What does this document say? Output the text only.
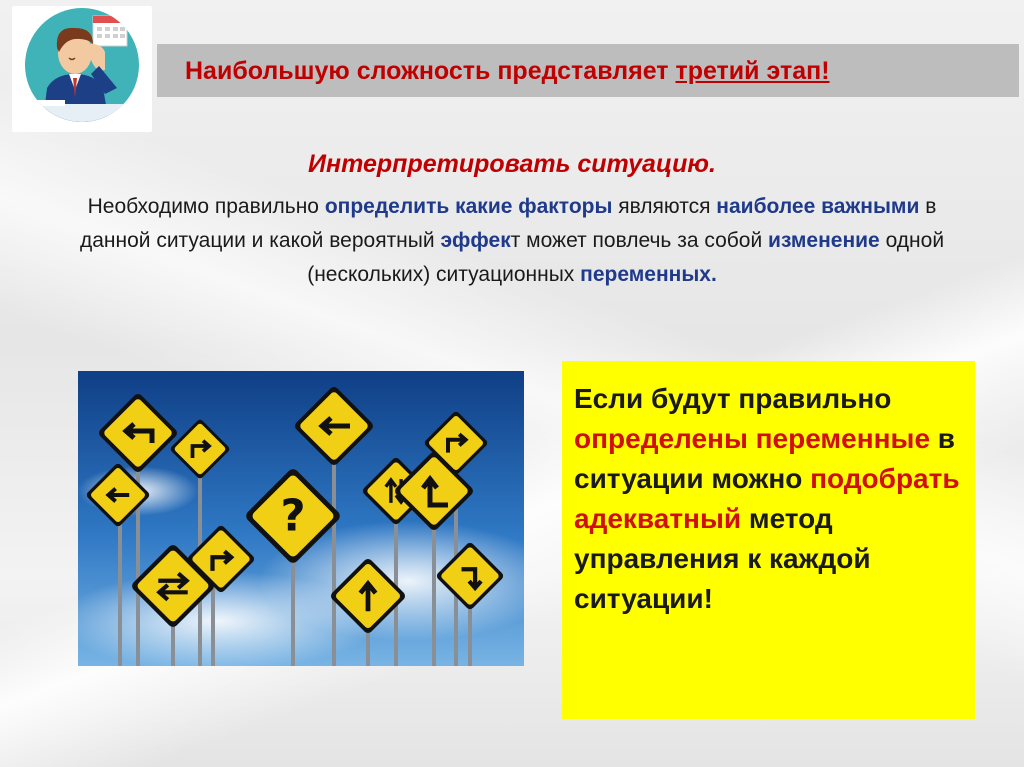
Наибольшую сложность представляет третий этап!
Интерпретировать ситуацию.
Необходимо правильно определить какие факторы являются наиболее важными в данной ситуации и какой вероятный эффект может повлечь за собой изменение одной (нескольких) ситуационных переменных.
?
Если будут правильно определены переменные в ситуации можно подобрать адекватный метод управления к каждой ситуации!
